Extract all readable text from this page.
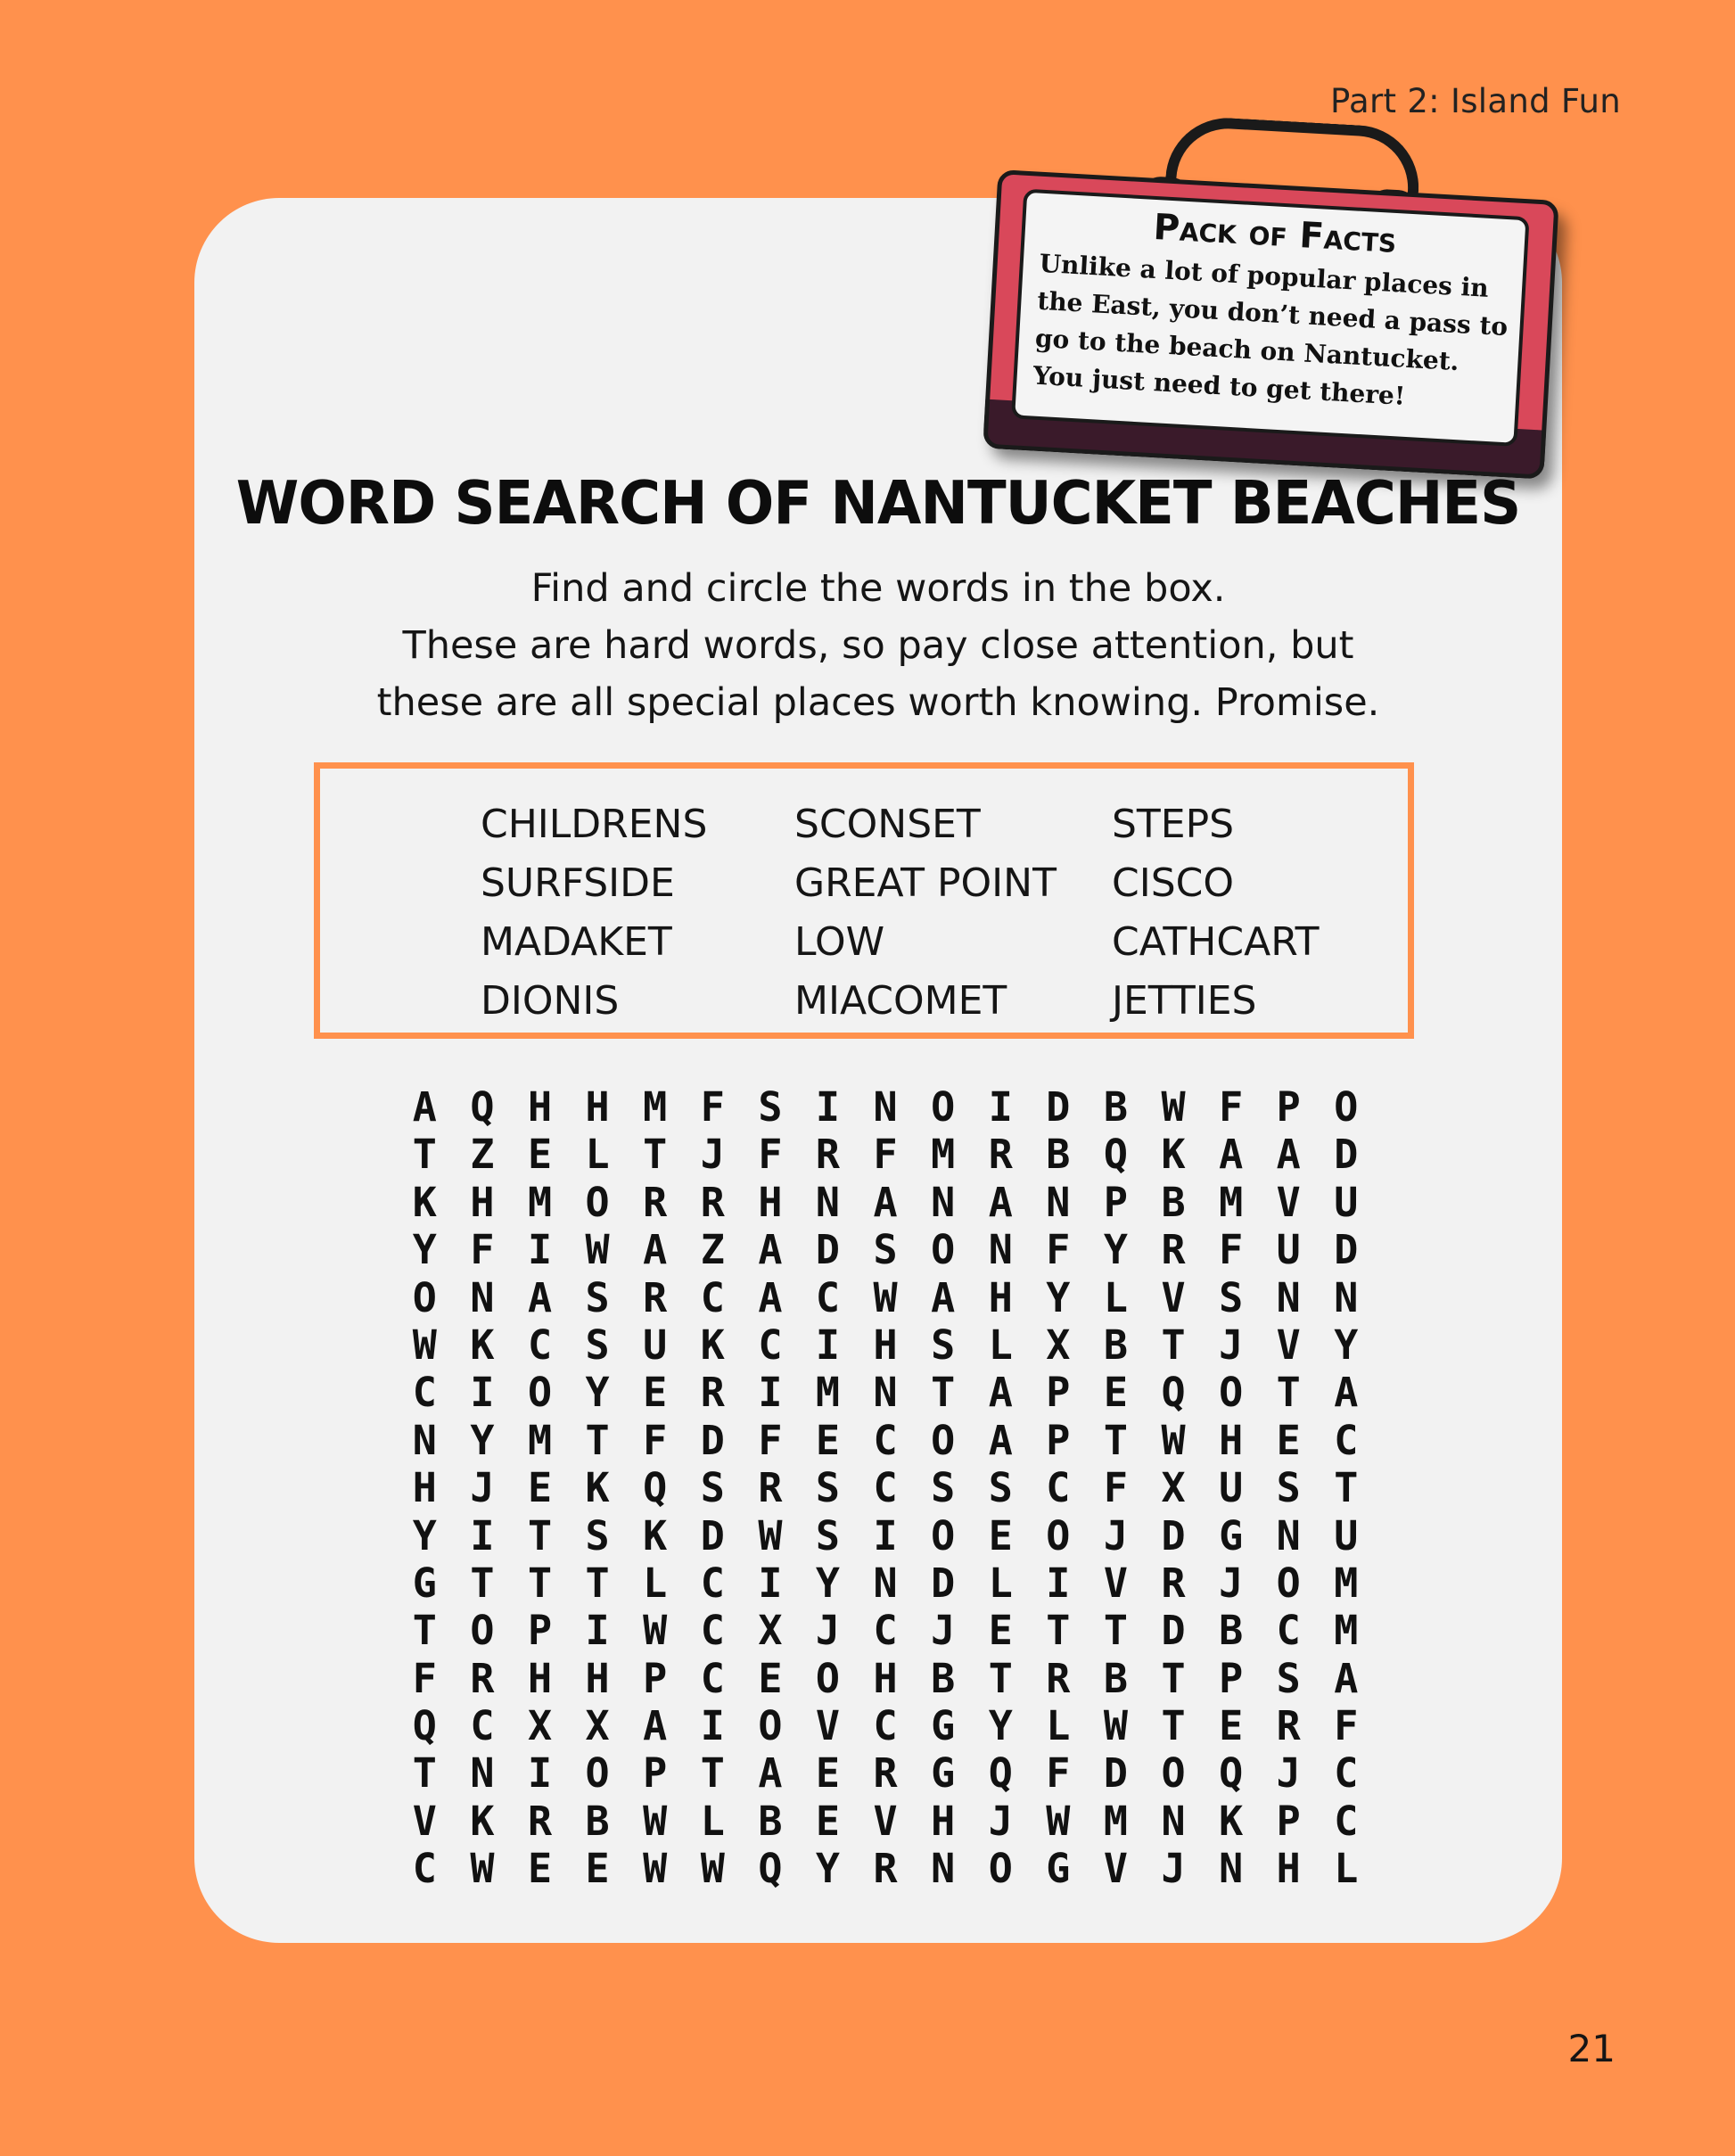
Part 2: Island Fun
Pack of Facts
Unlike a lot of popular places in the East, you don’t need a pass to go to the beach on Nantucket. You just need to get there!
WORD SEARCH OF NANTUCKET BEACHES
Find and circle the words in the box.
These are hard words, so pay close attention, but
these are all special places worth knowing. Promise.
CHILDRENS	SCONSET	STEPS
SURFSIDE	GREAT POINT	CISCO
MADAKET	LOW	CATHCART
DIONIS	MIACOMET	JETTIES
A Q H H M F S I N O I D B W F P O
T Z E L T J F R F M R B Q K A A D
K H M O R R H N A N A N P B M V U
Y F I W A Z A D S O N F Y R F U D
O N A S R C A C W A H Y L V S N N
W K C S U K C I H S L X B T J V Y
C I O Y E R I M N T A P E Q O T A
N Y M T F D F E C O A P T W H E C
H J E K Q S R S C S S C F X U S T
Y I T S K D W S I O E O J D G N U
G T T T L C I Y N D L I V R J O M
T O P I W C X J C J E T T D B C M
F R H H P C E O H B T R B T P S A
Q C X X A I O V C G Y L W T E R F
T N I O P T A E R G Q F D O Q J C
V K R B W L B E V H J W M N K P C
C W E E W W Q Y R N O G V J N H L
21
